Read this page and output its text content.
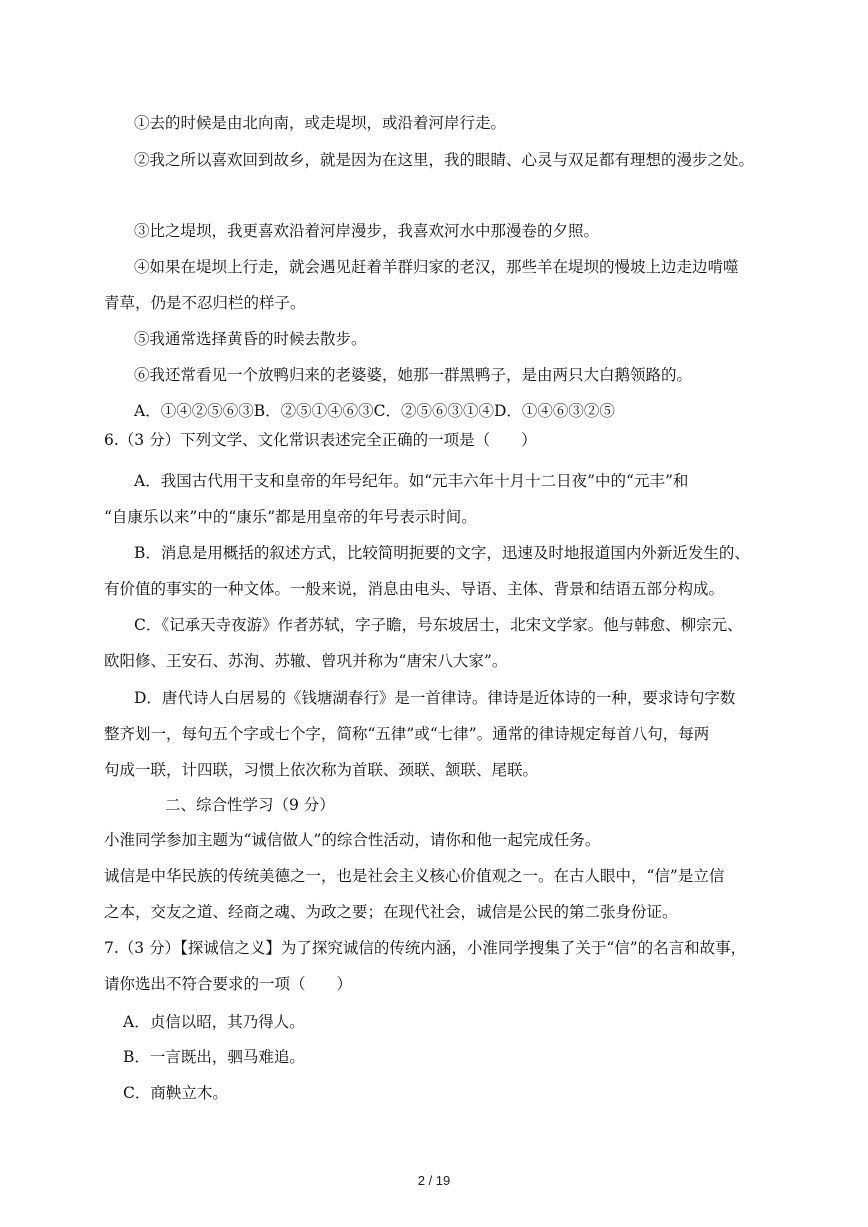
①去的时候是由北向南，或走堤坝，或沿着河岸行走。
②我之所以喜欢回到故乡，就是因为在这里，我的眼睛、心灵与双足都有理想的漫步之处。
③比之堤坝，我更喜欢沿着河岸漫步，我喜欢河水中那漫卷的夕照。
④如果在堤坝上行走，就会遇见赶着羊群归家的老汉，那些羊在堤坝的慢坡上边走边啃噬
青草，仍是不忍归栏的样子。
⑤我通常选择黄昏的时候去散步。
⑥我还常看见一个放鸭归来的老婆婆，她那一群黑鸭子，是由两只大白鹅领路的。
A．①④②⑤⑥③B．②⑤①④⑥③C．②⑤⑥③①④D．①④⑥③②⑤
6.（3 分）下列文学、文化常识表述完全正确的一项是（　　）
A．我国古代用干支和皇帝的年号纪年。如“元丰六年十月十二日夜”中的“元丰”和
“自康乐以来”中的“康乐”都是用皇帝的年号表示时间。
B．消息是用概括的叙述方式，比较简明扼要的文字，迅速及时地报道国内外新近发生的、
有价值的事实的一种文体。一般来说，消息由电头、导语、主体、背景和结语五部分构成。
C．《记承天寺夜游》作者苏轼，字子瞻，号东坡居士，北宋文学家。他与韩愈、柳宗元、
欧阳修、王安石、苏洵、苏辙、曾巩并称为“唐宋八大家”。
D．唐代诗人白居易的《钱塘湖春行》是一首律诗。律诗是近体诗的一种，要求诗句字数
整齐划一，每句五个字或七个字，简称“五律”或“七律”。通常的律诗规定每首八句，每两
句成一联，计四联，习惯上依次称为首联、颈联、颔联、尾联。
二、综合性学习（9 分）
小淮同学参加主题为“诚信做人”的综合性活动，请你和他一起完成任务。
诚信是中华民族的传统美德之一，也是社会主义核心价值观之一。在古人眼中，“信”是立信
之本，交友之道、经商之魂、为政之要；在现代社会，诚信是公民的第二张身份证。
7.（3 分）【探诚信之义】为了探究诚信的传统内涵，小淮同学搜集了关于“信”的名言和故事，
请你选出不符合要求的一项（　　）
A．贞信以昭，其乃得人。
B．一言既出，驷马难追。
C．商鞅立木。
2 / 19
